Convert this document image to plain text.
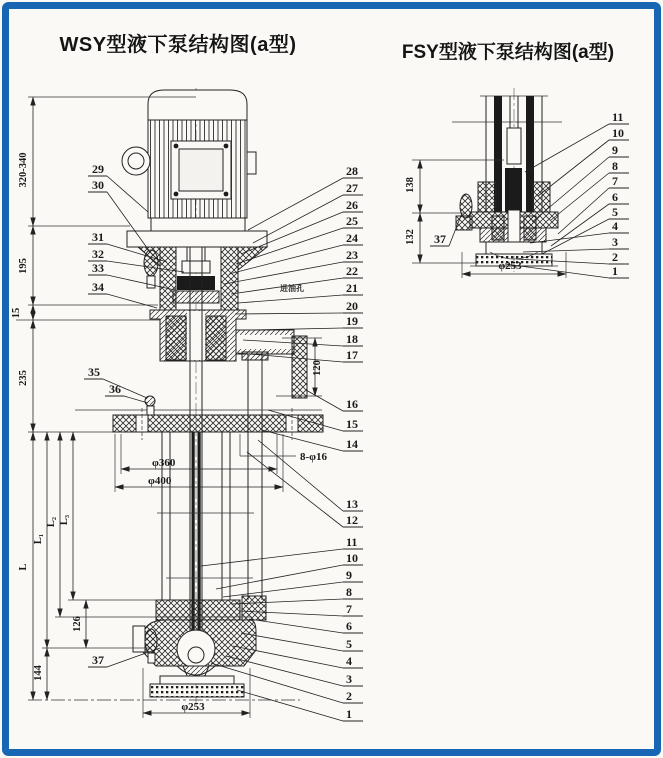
WSY型液下泵结构图(a型)	FSY型液下泵结构图(a型)
29
30
31
32
33
34
35
36
37
28
27
26
25
24
23
22
21
20
19
18
17
16
15
14
13
12
11
10
9
8
7
6
5
4
3
2
1
11
10
9
8
7
6
5
4
3
2
1
37
320-340
195
15
235
L
L₁
L₂ L₃
126
144
120
138
132
进油孔
8-φ16
φ360
φ400
φ253
φ253
